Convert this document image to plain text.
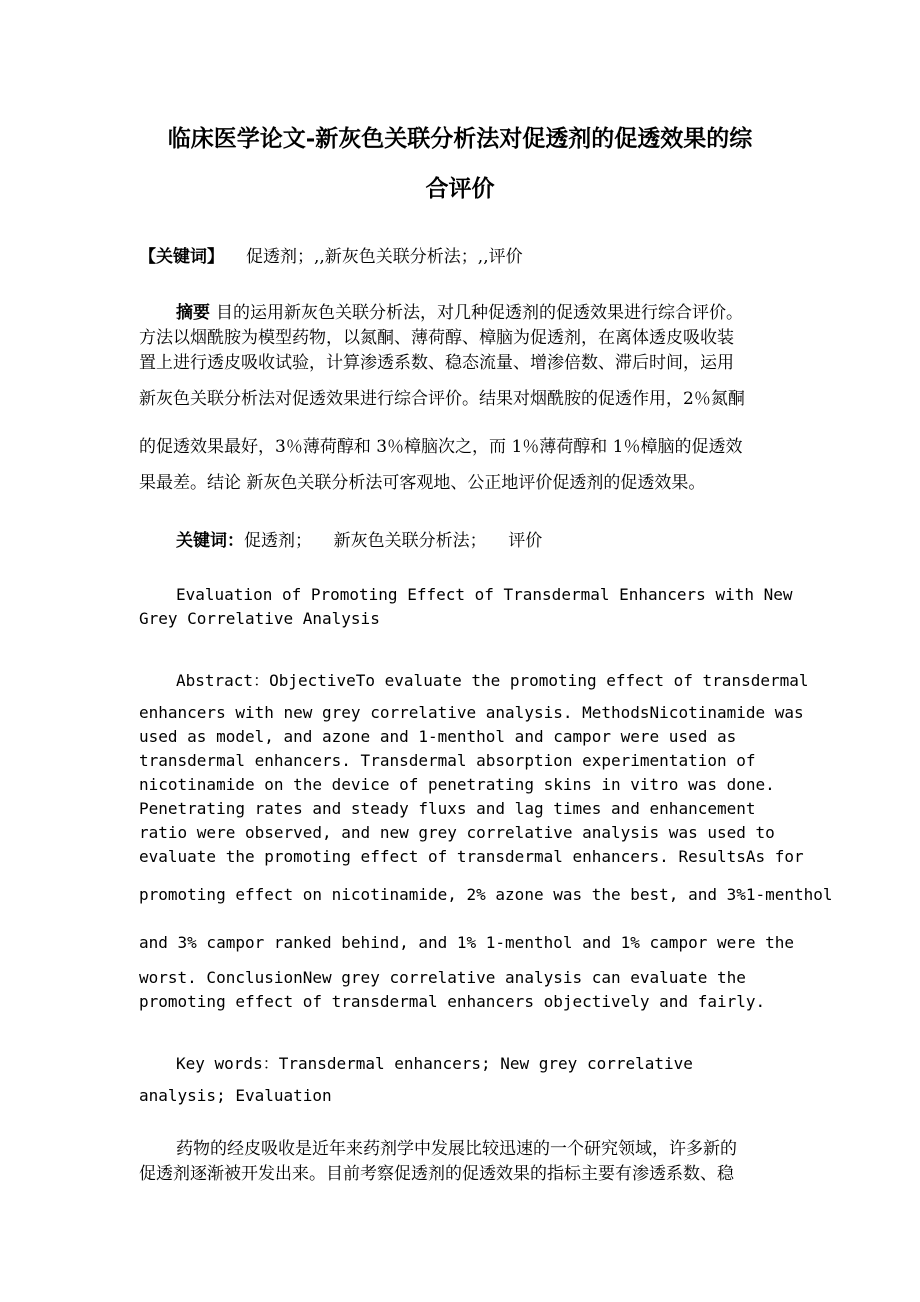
临床医学论文-新灰色关联分析法对促透剂的促透效果的综
合评价
【关键词】 促透剂；,,新灰色关联分析法；,,评价
摘要 目的运用新灰色关联分析法，对几种促透剂的促透效果进行综合评价。
方法以烟酰胺为模型药物，以氮酮、薄荷醇、樟脑为促透剂，在离体透皮吸收装
置上进行透皮吸收试验，计算渗透系数、稳态流量、增渗倍数、滞后时间，运用
新灰色关联分析法对促透效果进行综合评价。结果对烟酰胺的促透作用，2％氮酮
的促透效果最好，3％薄荷醇和 3％樟脑次之，而 1％薄荷醇和 1％樟脑的促透效
果最差。结论 新灰色关联分析法可客观地、公正地评价促透剂的促透效果。
关键词：促透剂；    新灰色关联分析法；    评价
Evaluation of Promoting Effect of Transdermal Enhancers with New
Grey Correlative Analysis
Abstract：ObjectiveTo evaluate the promoting effect of transdermal
enhancers with new grey correlative analysis. MethodsNicotinamide was
used as model, and azone and 1-menthol and campor were used as
transdermal enhancers. Transdermal absorption experimentation of
nicotinamide on the device of penetrating skins in vitro was done.
Penetrating rates and steady fluxs and lag times and enhancement
ratio were observed, and new grey correlative analysis was used to
evaluate the promoting effect of transdermal enhancers. ResultsAs for
promoting effect on nicotinamide, 2% azone was the best, and 3%1-menthol
and 3% campor ranked behind, and 1% 1-menthol and 1% campor were the
worst. ConclusionNew grey correlative analysis can evaluate the
promoting effect of transdermal enhancers objectively and fairly.
Key words：Transdermal enhancers; New grey correlative
analysis; Evaluation
药物的经皮吸收是近年来药剂学中发展比较迅速的一个研究领域，许多新的
促透剂逐渐被开发出来。目前考察促透剂的促透效果的指标主要有渗透系数、稳
